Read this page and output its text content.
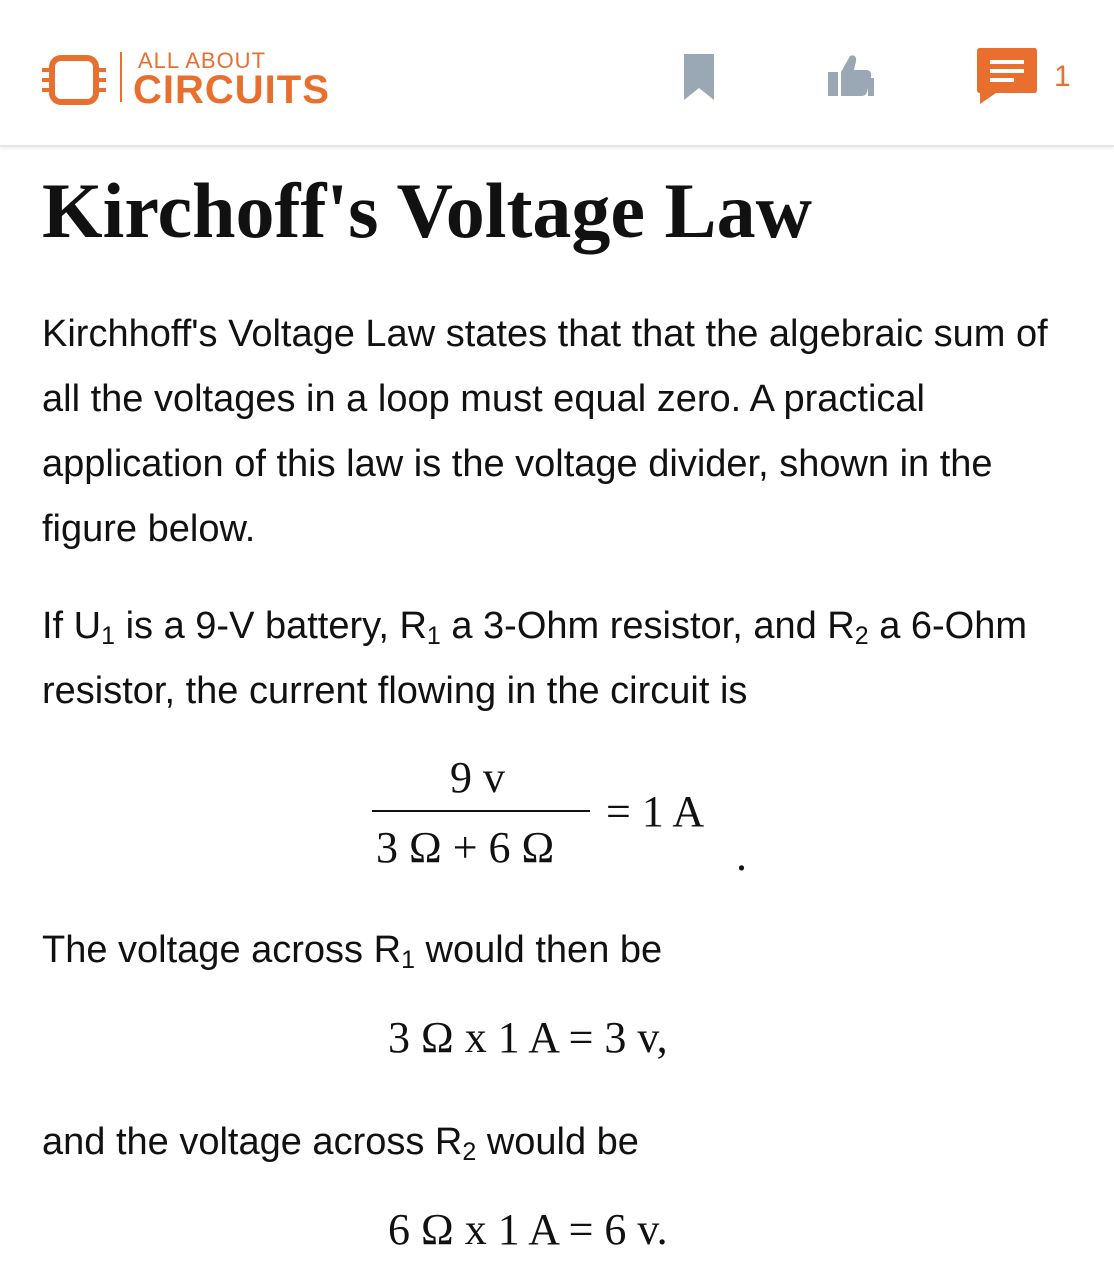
ALL ABOUT
CIRCUITS	1
Kirchoff's Voltage Law

Kirchhoff's Voltage Law states that that the algebraic sum of all the voltages in a loop must equal zero. A practical application of this law is the voltage divider, shown in the figure below.

If $U_1$ is a 9-V battery, $R_1$ a 3-Ohm resistor, and $R_2$ a 6-Ohm resistor, the current flowing in the circuit is

9 v
3 Ω + 6 Ω
= 1 A
.

The voltage across $R_1$ would then be

3 Ω x 1 A = 3 v,

and the voltage across $R_2$ would be

6 Ω x 1 A = 6 v.
